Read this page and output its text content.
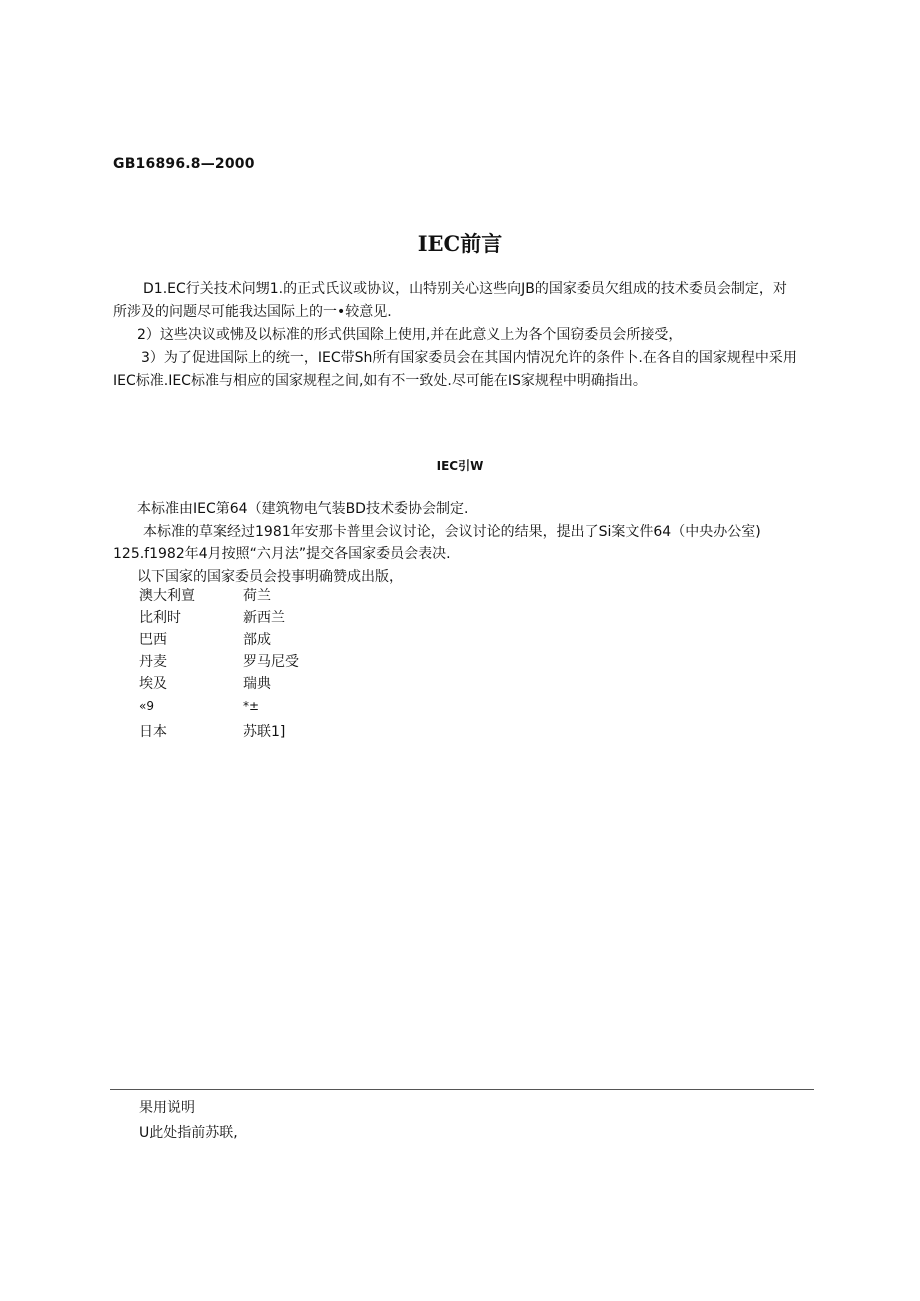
GB16896.8—2000
IEC前言
D1.EC行关技术问甥1.的正式氏议或协议，山特别关心这些向JB的国家委员欠组成的技术委员会制定，对
所涉及的问题尽可能我达国际上的一•较意见.
2）这些决议或怫及以标准的形式供国除上使用,并在此意义上为各个国窃委员会所接受，
3）为了促进国际上的统一，IEC带Sh所有国家委员会在其国内情况允许的条件卜.在各自的国家规程中采用
IEC标准.IEC标准与相应的国家规程之间,如有不一致处.尽可能在IS家规程中明确指出。
IEC引W
本标准由IEC第64（建筑物电气装BD技术委协会制定.
本标准的草案经过1981年安那卡普里会议讨论，会议讨论的结果，提出了Si案文件64（中央办公室)
125.f1982年4月按照“六月法”提交各国家委员会表决.
以下国家的国家委员会投事明确赞成出版，
澳大利亶	荷兰
比利时	新西兰
巴西	部成
丹麦	罗马尼受
埃及	瑞典
«9	*±
日本	苏联1]
果用说明
U此处指前苏联,
